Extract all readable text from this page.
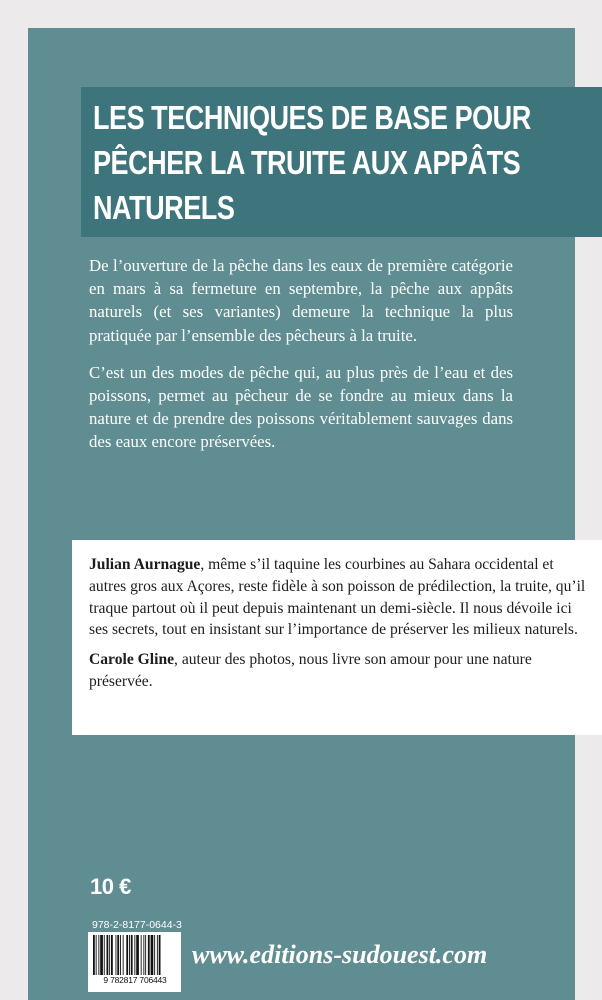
LES TECHNIQUES DE BASE POUR
PÊCHER LA TRUITE AUX APPÂTS
NATURELS

De l’ouverture de la pêche dans les eaux de première catégorie en mars à sa fermeture en septembre, la pêche aux appâts naturels (et ses variantes) demeure la technique la plus pratiquée par l’ensemble des pêcheurs à la truite.

C’est un des modes de pêche qui, au plus près de l’eau et des poissons, permet au pêcheur de se fondre au mieux dans la nature et de prendre des poissons véritablement sauvages dans des eaux encore préservées.

Julian Aurnague, même s’il taquine les courbines au Sahara occidental et autres gros aux Açores, reste fidèle à son poisson de prédilection, la truite, qu’il traque partout où il peut depuis maintenant un demi-siècle. Il nous dévoile ici ses secrets, tout en insistant sur l’importance de préserver les milieux naturels.

Carole Gline, auteur des photos, nous livre son amour pour une nature préservée.

10 €
978-2-8177-0644-3
9 782817 706443
www.editions-sudouest.com
